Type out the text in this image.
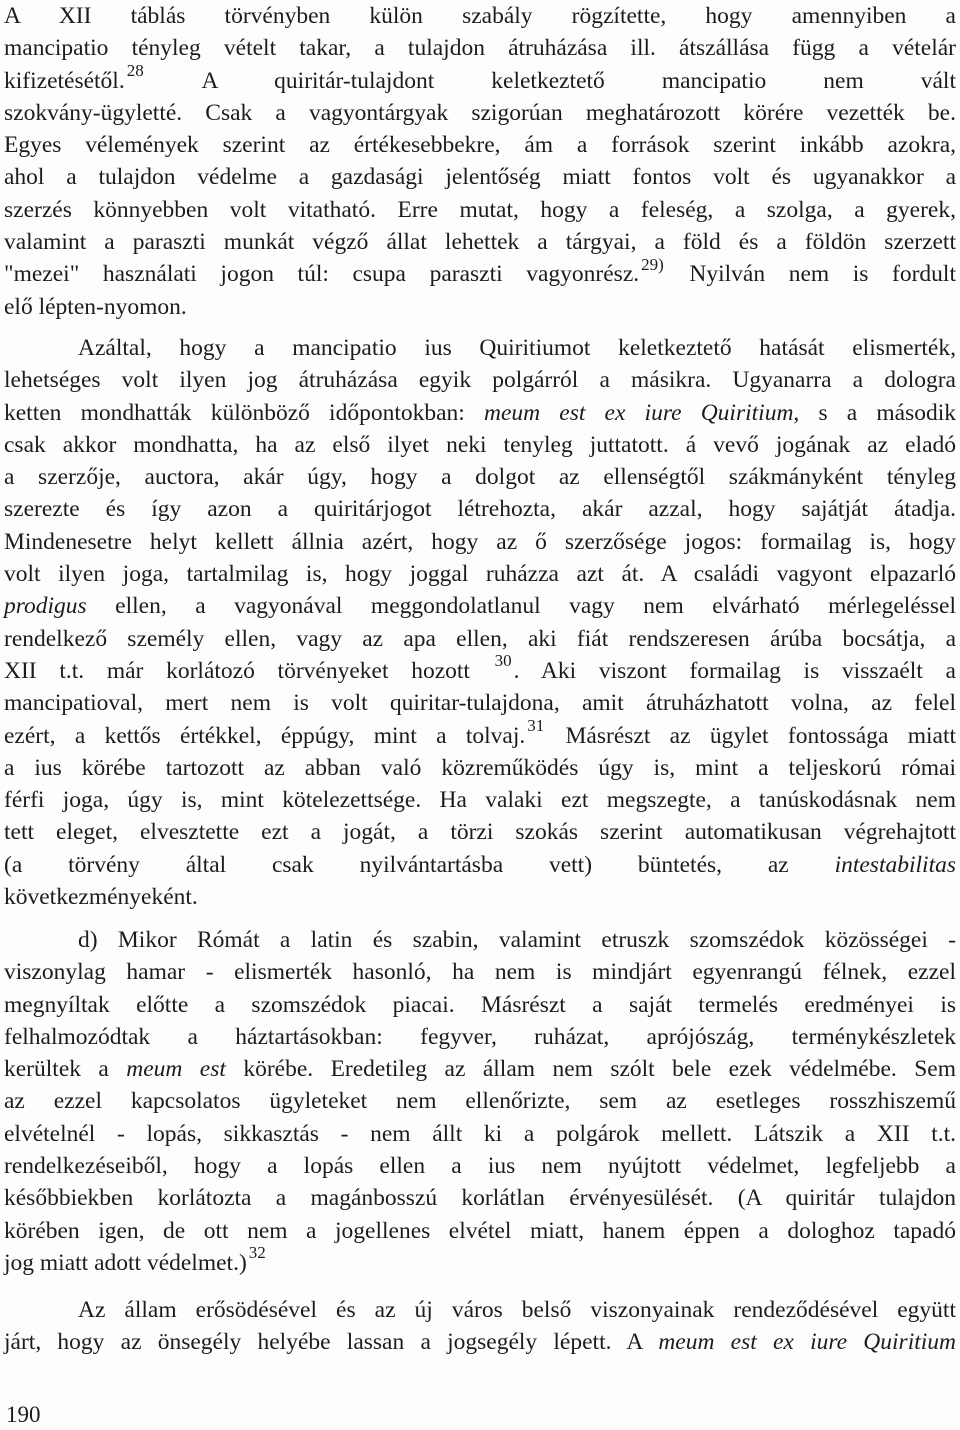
A XII táblás törvényben külön szabály rögzítette, hogy amennyiben a
mancipatio tényleg vételt takar, a tulajdon átruházása ill. átszállása függ a vételár
kifizetésétől. $^{28}$ A quiritár-tulajdont keletkeztető mancipatio nem vált
szokvány-ügyletté. Csak a vagyontárgyak szigorúan meghatározott körére vezették be.
Egyes vélemények szerint az értékesebbekre, ám a források szerint inkább azokra,
ahol a tulajdon védelme a gazdasági jelentőség miatt fontos volt és ugyanakkor a
szerzés könnyebben volt vitatható. Erre mutat, hogy a feleség, a szolga, a gyerek,
valamint a paraszti munkát végző állat lehettek a tárgyai, a föld és a földön szerzett
"mezei" használati jogon túl: csupa paraszti vagyonrész. $^{29)}$ Nyilván nem is fordult
elő lépten-nyomon.
Azáltal, hogy a mancipatio ius Quiritiumot keletkeztető hatását elismerték,
lehetséges volt ilyen jog átruházása egyik polgárról a másikra. Ugyanarra a dologra
ketten mondhatták különböző időpontokban: meum est ex iure Quiritium, s a második
csak akkor mondhatta, ha az első ilyet neki tenyleg juttatott. á vevő jogának az eladó
a szerzője, auctora, akár úgy, hogy a dolgot az ellenségtől szákmányként tényleg
szerezte és így azon a quiritárjogot létrehozta, akár azzal, hogy sajátját átadja.
Mindenesetre helyt kellett állnia azért, hogy az ő szerzősége jogos: formailag is, hogy
volt ilyen joga, tartalmilag is, hogy joggal ruházza azt át. A családi vagyont elpazarló
prodigus ellen, a vagyonával meggondolatlanul vagy nem elvárható mérlegeléssel
rendelkező személy ellen, vagy az apa ellen, aki fiát rendszeresen árúba bocsátja, a
XII t.t. már korlátozó törvényeket hozott $^{30}$. Aki viszont formailag is visszaélt a
mancipatioval, mert nem is volt quiritar-tulajdona, amit átruházhatott volna, az felel
ezért, a kettős értékkel, éppúgy, mint a tolvaj. $^{31}$ Másrészt az ügylet fontossága miatt
a ius körébe tartozott az abban való közreműködés úgy is, mint a teljeskorú római
férfi joga, úgy is, mint kötelezettsége. Ha valaki ezt megszegte, a tanúskodásnak nem
tett eleget, elvesztette ezt a jogát, a törzi szokás szerint automatikusan végrehajtott
(a törvény által csak nyilvántartásba vett) büntetés, az intestabilitas
következményeként.
d) Mikor Rómát a latin és szabin, valamint etruszk szomszédok közösségei -
viszonylag hamar - elismerték hasonló, ha nem is mindjárt egyenrangú félnek, ezzel
megnyíltak előtte a szomszédok piacai. Másrészt a saját termelés eredményei is
felhalmozódtak a háztartásokban: fegyver, ruházat, aprójószág, terménykészletek
kerültek a meum est körébe. Eredetileg az állam nem szólt bele ezek védelmébe. Sem
az ezzel kapcsolatos ügyleteket nem ellenőrizte, sem az esetleges rosszhiszemű
elvételnél - lopás, sikkasztás - nem állt ki a polgárok mellett. Látszik a XII t.t.
rendelkezéseiből, hogy a lopás ellen a ius nem nyújtott védelmet, legfeljebb a
későbbiekben korlátozta a magánbosszú korlátlan érvényesülését. (A quiritár tulajdon
körében igen, de ott nem a jogellenes elvétel miatt, hanem éppen a dologhoz tapadó
jog miatt adott védelmet.) $^{32}$
Az állam erősödésével és az új város belső viszonyainak rendeződésével együtt
járt, hogy az önsegély helyébe lassan a jogsegély lépett. A meum est ex iure Quiritium
190
